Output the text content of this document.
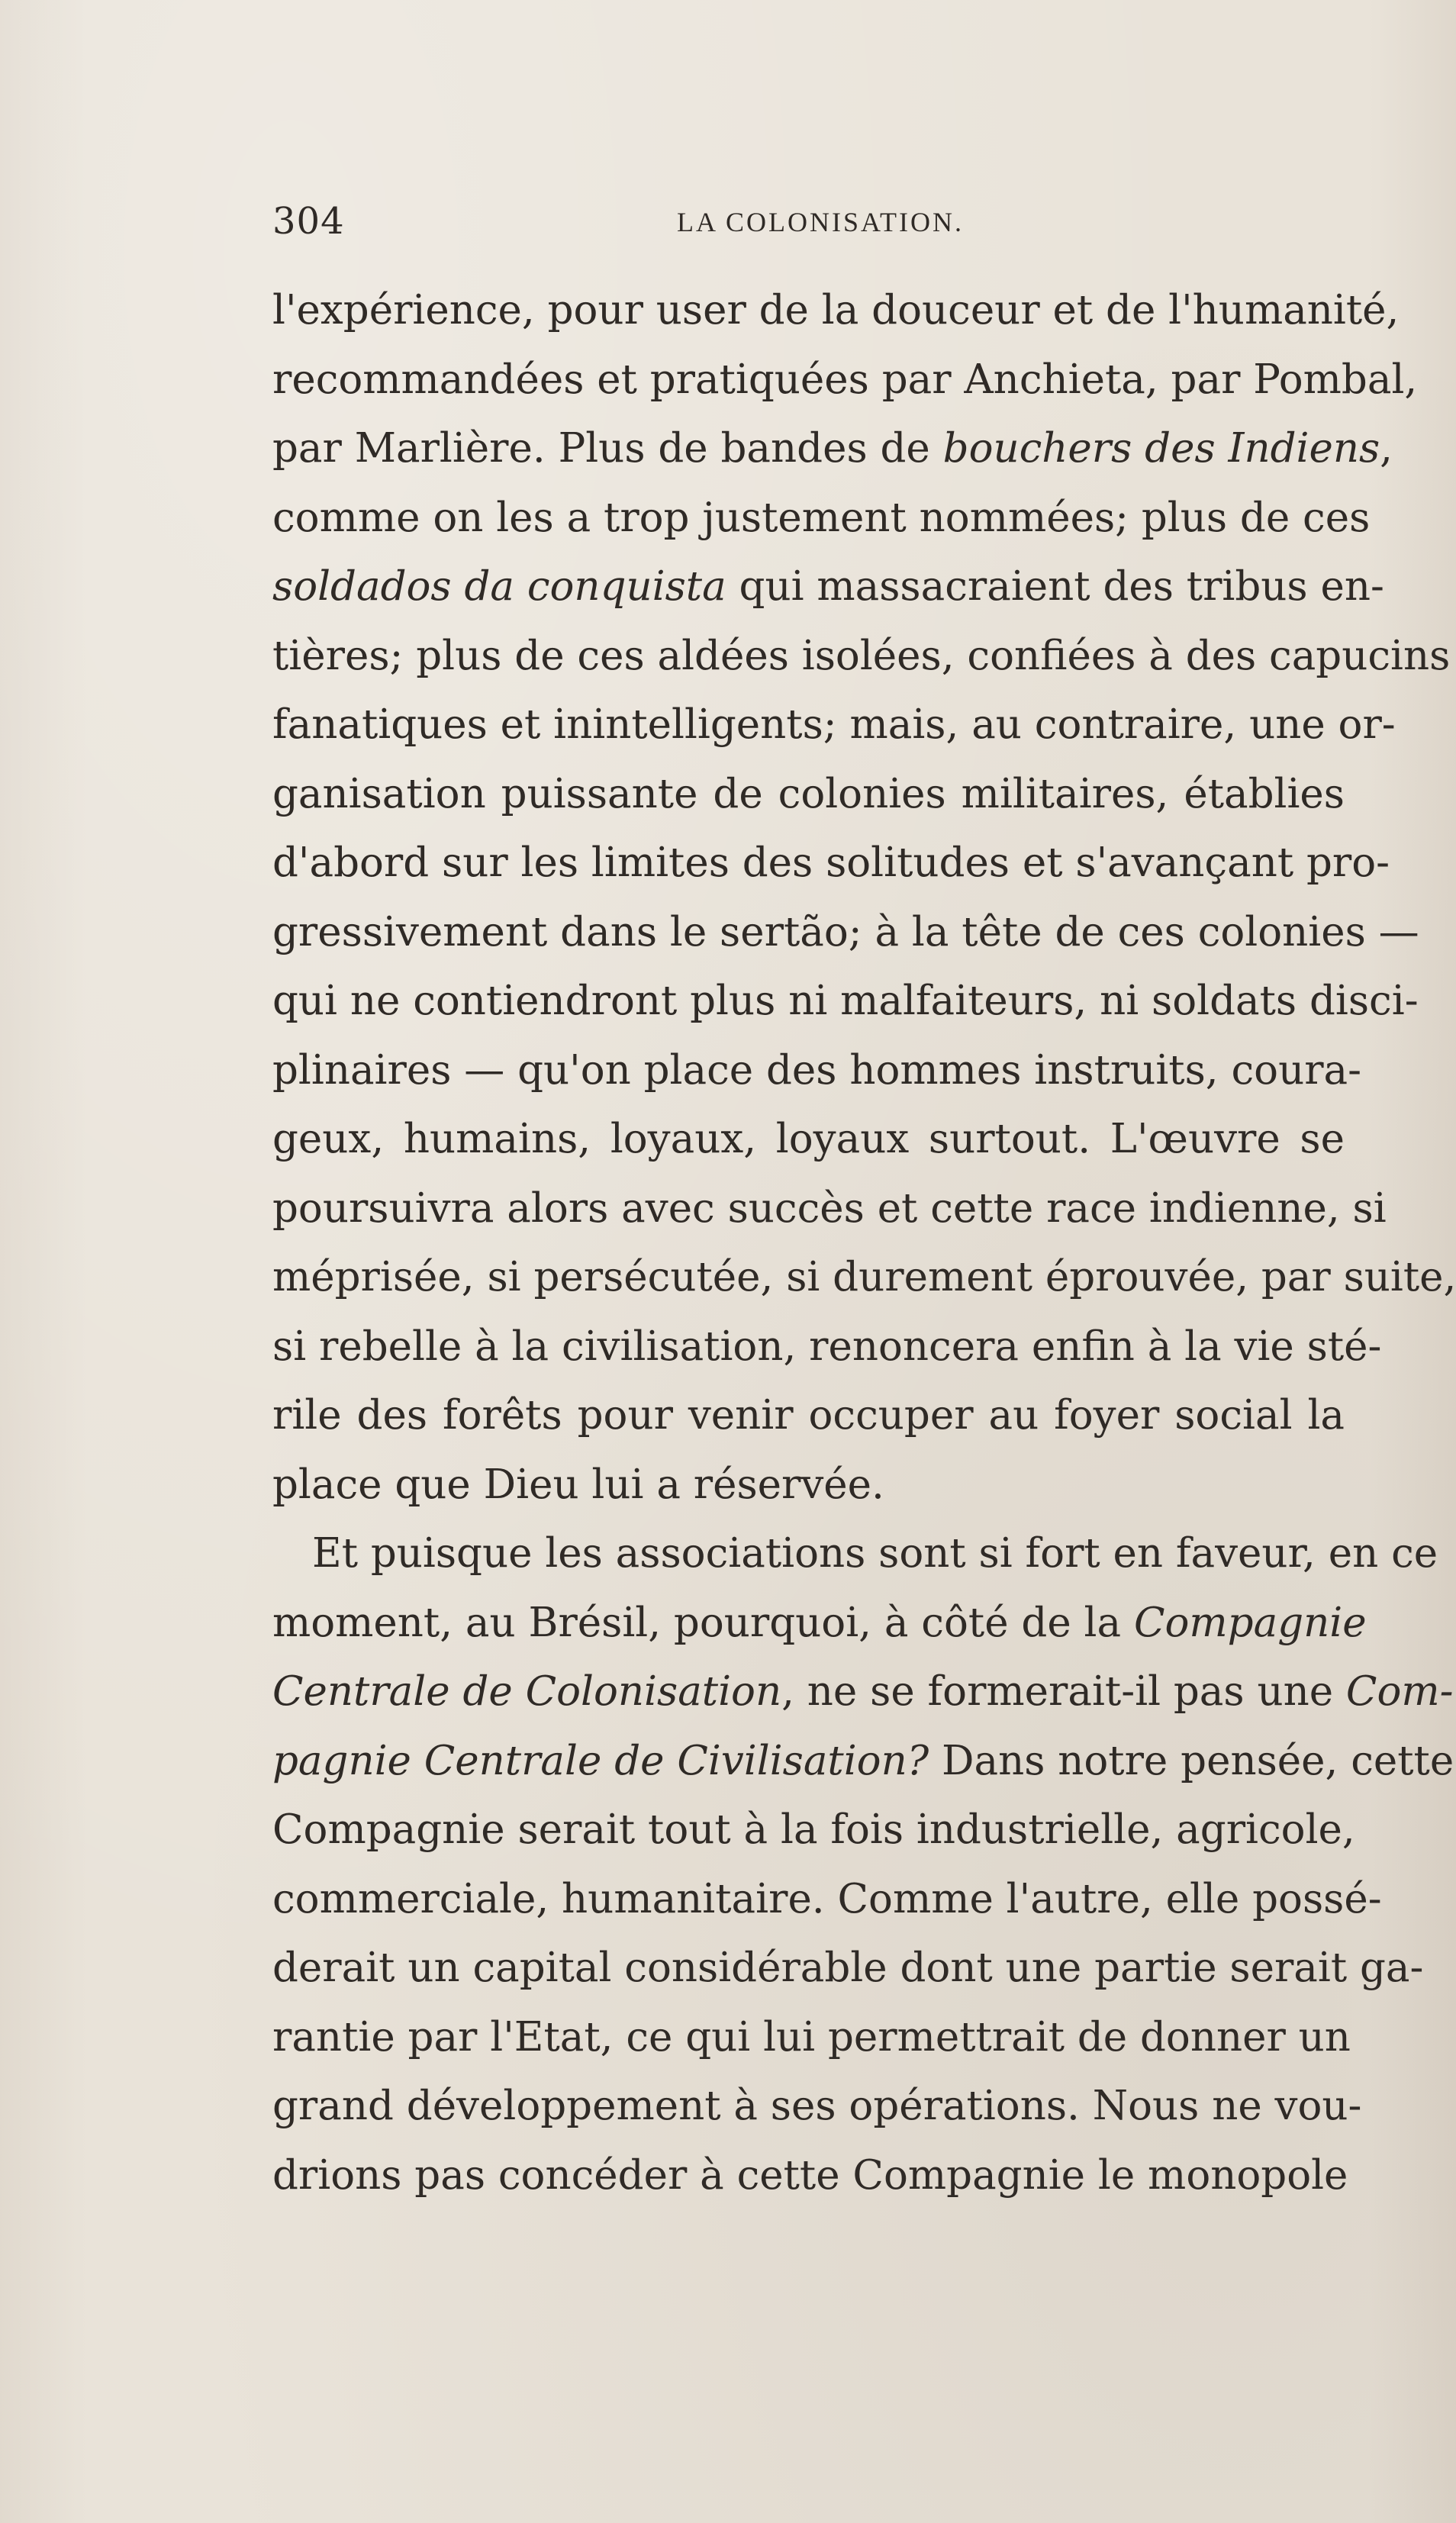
304	LA COLONISATION.
l'expérience, pour user de la douceur et de l'humanité,
recommandées et pratiquées par Anchieta, par Pombal,
par Marlière. Plus de bandes de bouchers des Indiens,
comme on les a trop justement nommées; plus de ces
soldados da conquista qui massacraient des tribus en-
tières; plus de ces aldées isolées, confiées à des capucins
fanatiques et inintelligents; mais, au contraire, une or-
ganisation puissante de colonies militaires, établies
d'abord sur les limites des solitudes et s'avançant pro-
gressivement dans le sertão; à la tête de ces colonies —
qui ne contiendront plus ni malfaiteurs, ni soldats disci-
plinaires — qu'on place des hommes instruits, coura-
geux, humains, loyaux, loyaux surtout. L'œuvre se
poursuivra alors avec succès et cette race indienne, si
méprisée, si persécutée, si durement éprouvée, par suite,
si rebelle à la civilisation, renoncera enfin à la vie sté-
rile des forêts pour venir occuper au foyer social la
place que Dieu lui a réservée.
Et puisque les associations sont si fort en faveur, en ce
moment, au Brésil, pourquoi, à côté de la Compagnie
Centrale de Colonisation, ne se formerait-il pas une Com-
pagnie Centrale de Civilisation? Dans notre pensée, cette
Compagnie serait tout à la fois industrielle, agricole,
commerciale, humanitaire. Comme l'autre, elle possé-
derait un capital considérable dont une partie serait ga-
rantie par l'Etat, ce qui lui permettrait de donner un
grand développement à ses opérations. Nous ne vou-
drions pas concéder à cette Compagnie le monopole
